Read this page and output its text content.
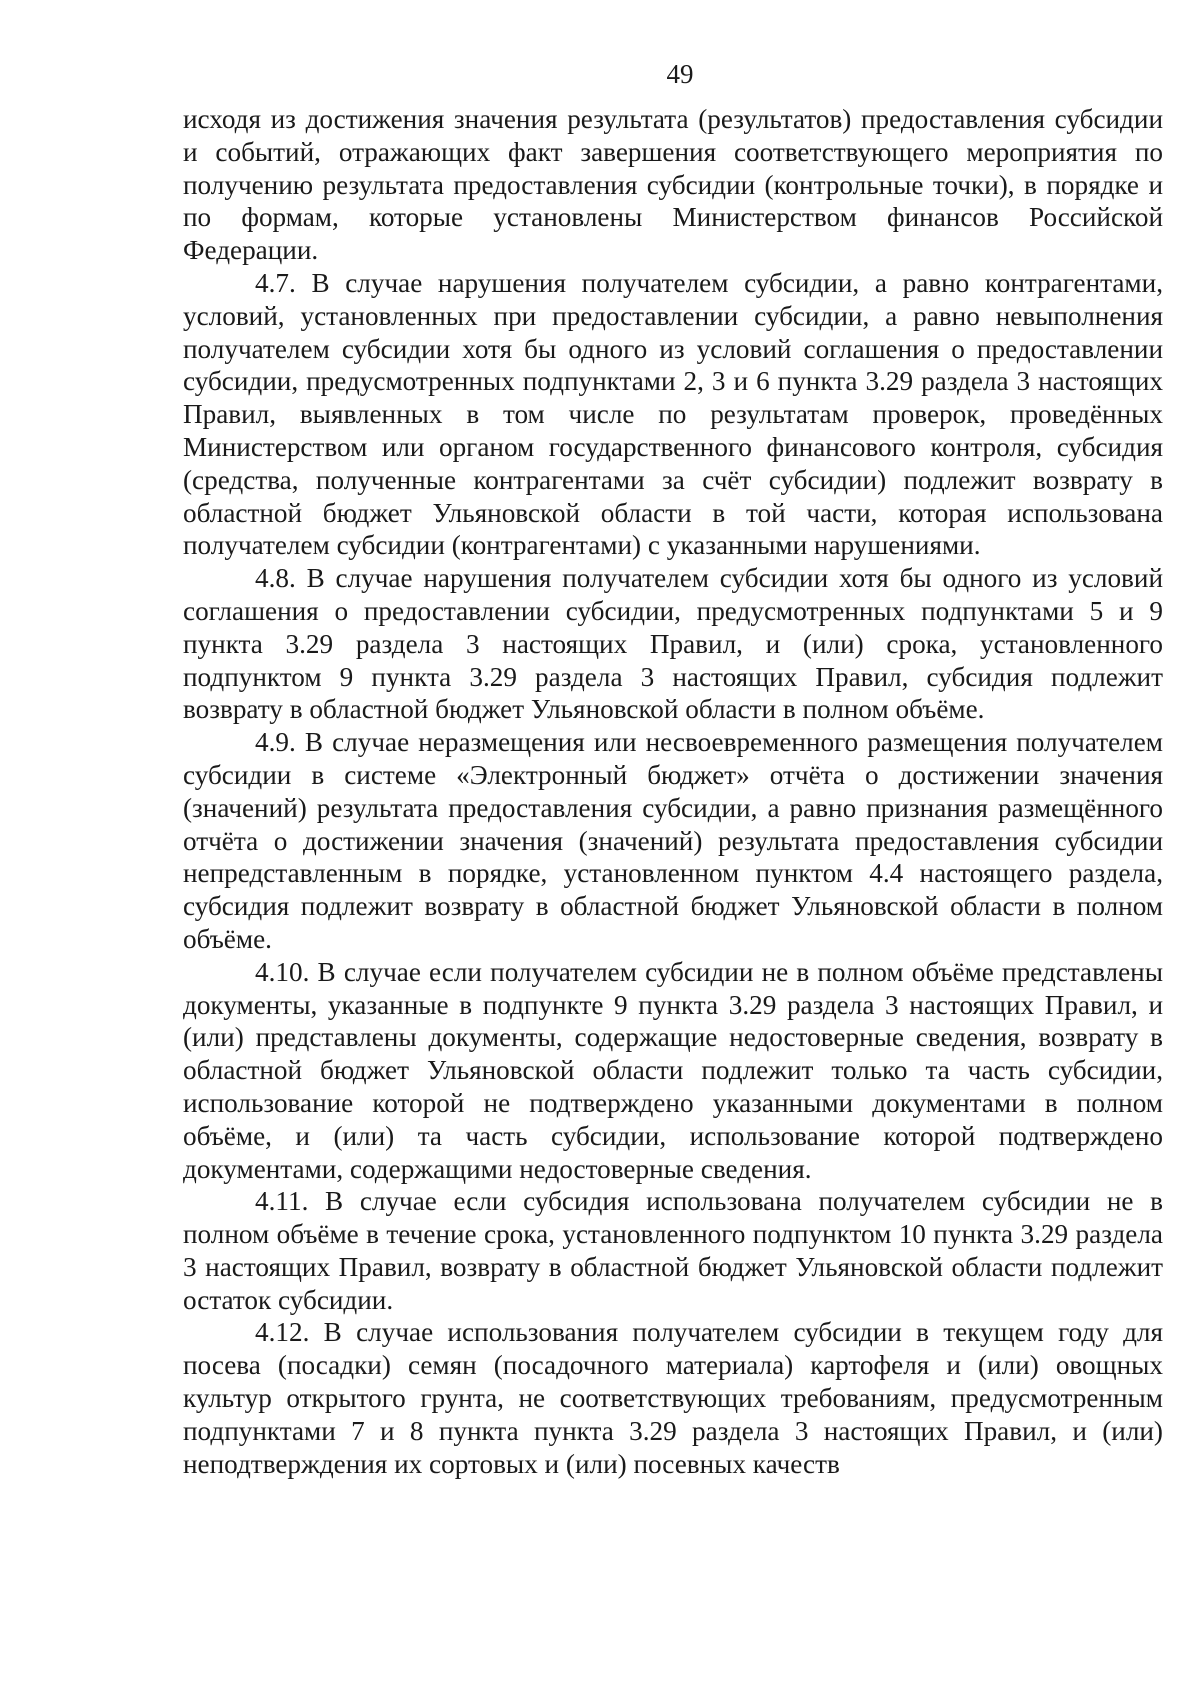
49

исходя из достижения значения результата (результатов) предоставления субсидии и событий, отражающих факт завершения соответствующего мероприятия по получению результата предоставления субсидии (контрольные точки), в порядке и по формам, которые установлены Министерством финансов Российской Федерации.

4.7. В случае нарушения получателем субсидии, а равно контрагентами, условий, установленных при предоставлении субсидии, а равно невыполнения получателем субсидии хотя бы одного из условий соглашения о предоставлении субсидии, предусмотренных подпунктами 2, 3 и 6 пункта 3.29 раздела 3 настоящих Правил, выявленных в том числе по результатам проверок, проведённых Министерством или органом государственного финансового контроля, субсидия (средства, полученные контрагентами за счёт субсидии) подлежит возврату в областной бюджет Ульяновской области в той части, которая использована получателем субсидии (контрагентами) с указанными нарушениями.

4.8. В случае нарушения получателем субсидии хотя бы одного из условий соглашения о предоставлении субсидии, предусмотренных подпунктами 5 и 9 пункта 3.29 раздела 3 настоящих Правил, и (или) срока, установленного подпунктом 9 пункта 3.29 раздела 3 настоящих Правил, субсидия подлежит возврату в областной бюджет Ульяновской области в полном объёме.

4.9. В случае неразмещения или несвоевременного размещения получателем субсидии в системе «Электронный бюджет» отчёта о достижении значения (значений) результата предоставления субсидии, а равно признания размещённого отчёта о достижении значения (значений) результата предоставления субсидии непредставленным в порядке, установленном пунктом 4.4 настоящего раздела, субсидия подлежит возврату в областной бюджет Ульяновской области в полном объёме.

4.10. В случае если получателем субсидии не в полном объёме представлены документы, указанные в подпункте 9 пункта 3.29 раздела 3 настоящих Правил, и (или) представлены документы, содержащие недостоверные сведения, возврату в областной бюджет Ульяновской области подлежит только та часть субсидии, использование которой не подтверждено указанными документами в полном объёме, и (или) та часть субсидии, использование которой подтверждено документами, содержащими недостоверные сведения.

4.11. В случае если субсидия использована получателем субсидии не в полном объёме в течение срока, установленного подпунктом 10 пункта 3.29 раздела 3 настоящих Правил, возврату в областной бюджет Ульяновской области подлежит остаток субсидии.

4.12. В случае использования получателем субсидии в текущем году для посева (посадки) семян (посадочного материала) картофеля и (или) овощных культур открытого грунта, не соответствующих требованиям, предусмотренным подпунктами 7 и 8 пункта пункта 3.29 раздела 3 настоящих Правил, и (или) неподтверждения их сортовых и (или) посевных качеств
